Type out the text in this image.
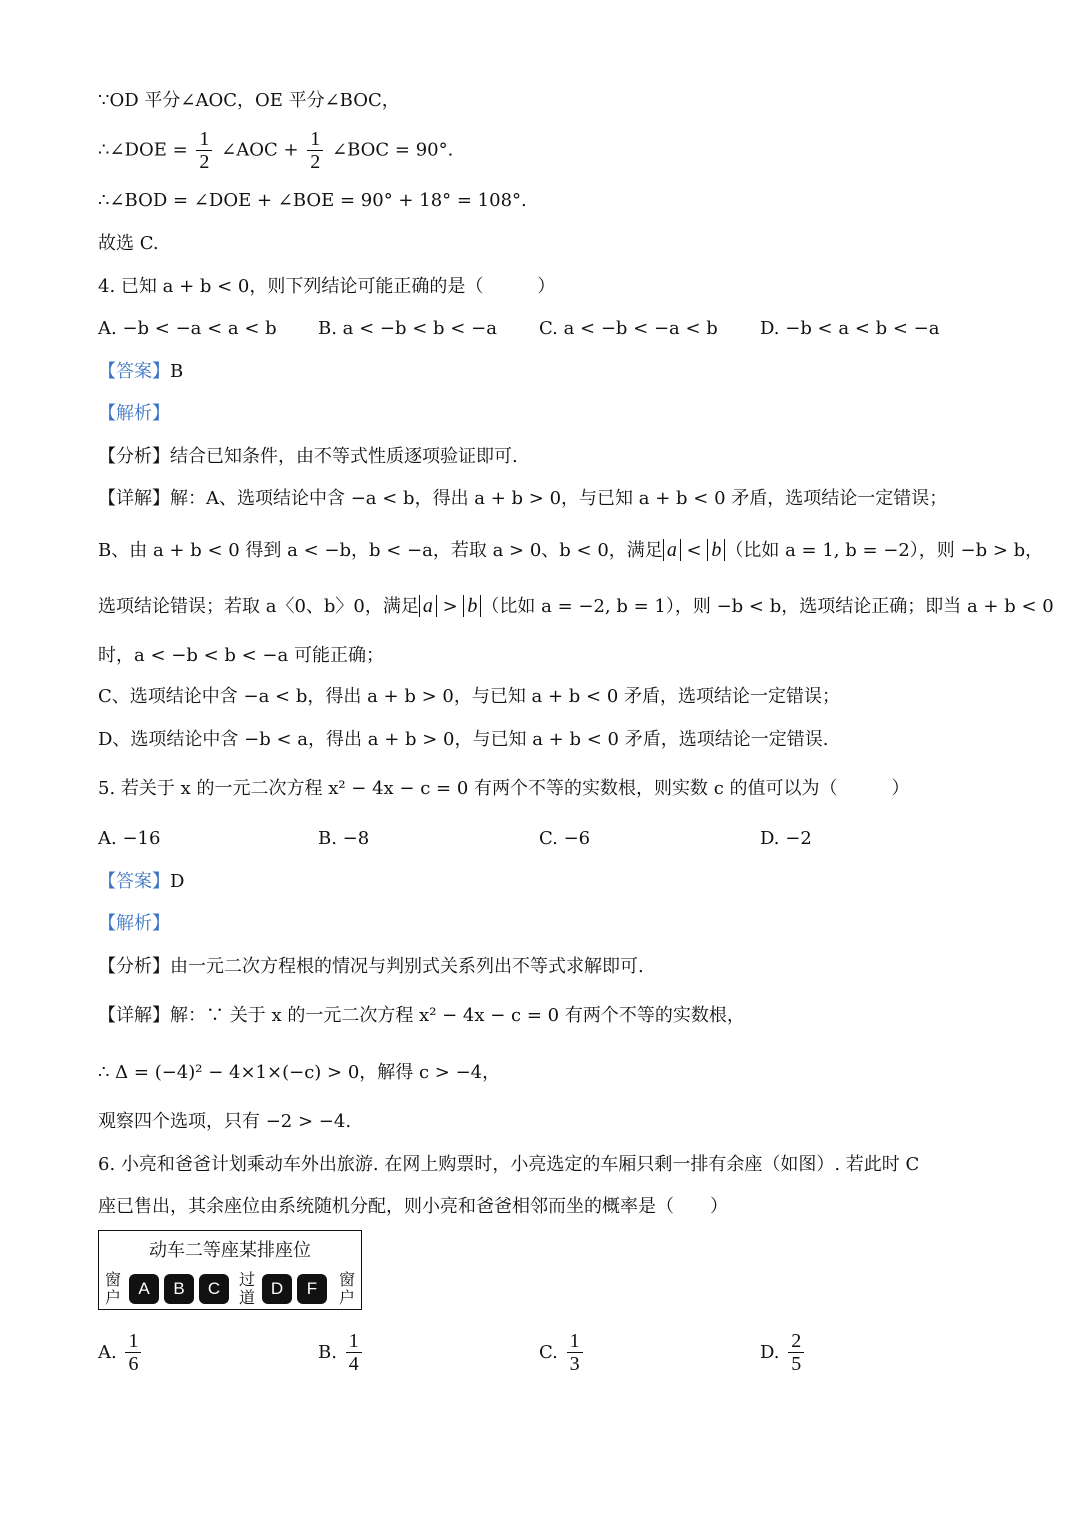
∵OD 平分∠AOC，OE 平分∠BOC，
∴∠DOE = $\frac{1}{2}$ ∠AOC + $\frac{1}{2}$ ∠BOC = 90°.
∴∠BOD = ∠DOE + ∠BOE = 90° + 18° = 108°.
故选 C.
4. 已知 a + b < 0，则下列结论可能正确的是（　　　）
A. −b < −a < a < b B. a < −b < b < −a C. a < −b < −a < b D. −b < a < b < −a
【答案】B
【解析】
【分析】结合已知条件，由不等式性质逐项验证即可.
【详解】解：A、选项结论中含 −a < b，得出 a + b > 0，与已知 a + b < 0 矛盾，选项结论一定错误；
B、由 a + b < 0 得到 a < −b，b < −a，若取 a > 0、b < 0，满足 a < b （比如 a = 1, b = −2），则 −b > b，
选项结论错误；若取 a〈0、b〉0，满足 a > b （比如 a = −2, b = 1），则 −b < b，选项结论正确；即当 a + b < 0
时，a < −b < b < −a 可能正确；
C、选项结论中含 −a < b，得出 a + b > 0，与已知 a + b < 0 矛盾，选项结论一定错误；
D、选项结论中含 −b < a，得出 a + b > 0，与已知 a + b < 0 矛盾，选项结论一定错误.
5. 若关于 x 的一元二次方程 x² − 4x − c = 0 有两个不等的实数根，则实数 c 的值可以为（　　　）
A. −16	B. −8	C. −6	D. −2
【答案】D
【解析】
【分析】由一元二次方程根的情况与判别式关系列出不等式求解即可.
【详解】解：∵ 关于 x 的一元二次方程 x² − 4x − c = 0 有两个不等的实数根，
∴ Δ = (−4)² − 4×1×(−c) > 0，解得 c > −4，
观察四个选项，只有 −2 > −4.
6. 小亮和爸爸计划乘动车外出旅游. 在网上购票时，小亮选定的车厢只剩一排有余座（如图）. 若此时 C
座已售出，其余座位由系统随机分配，则小亮和爸爸相邻而坐的概率是（　　）
动车二等座某排座位
窗户	A	B	C	过道 D	F	窗户
A. $\frac{1}{6}$	B. $\frac{1}{4}$	C. $\frac{1}{3}$	D. $\frac{2}{5}$
